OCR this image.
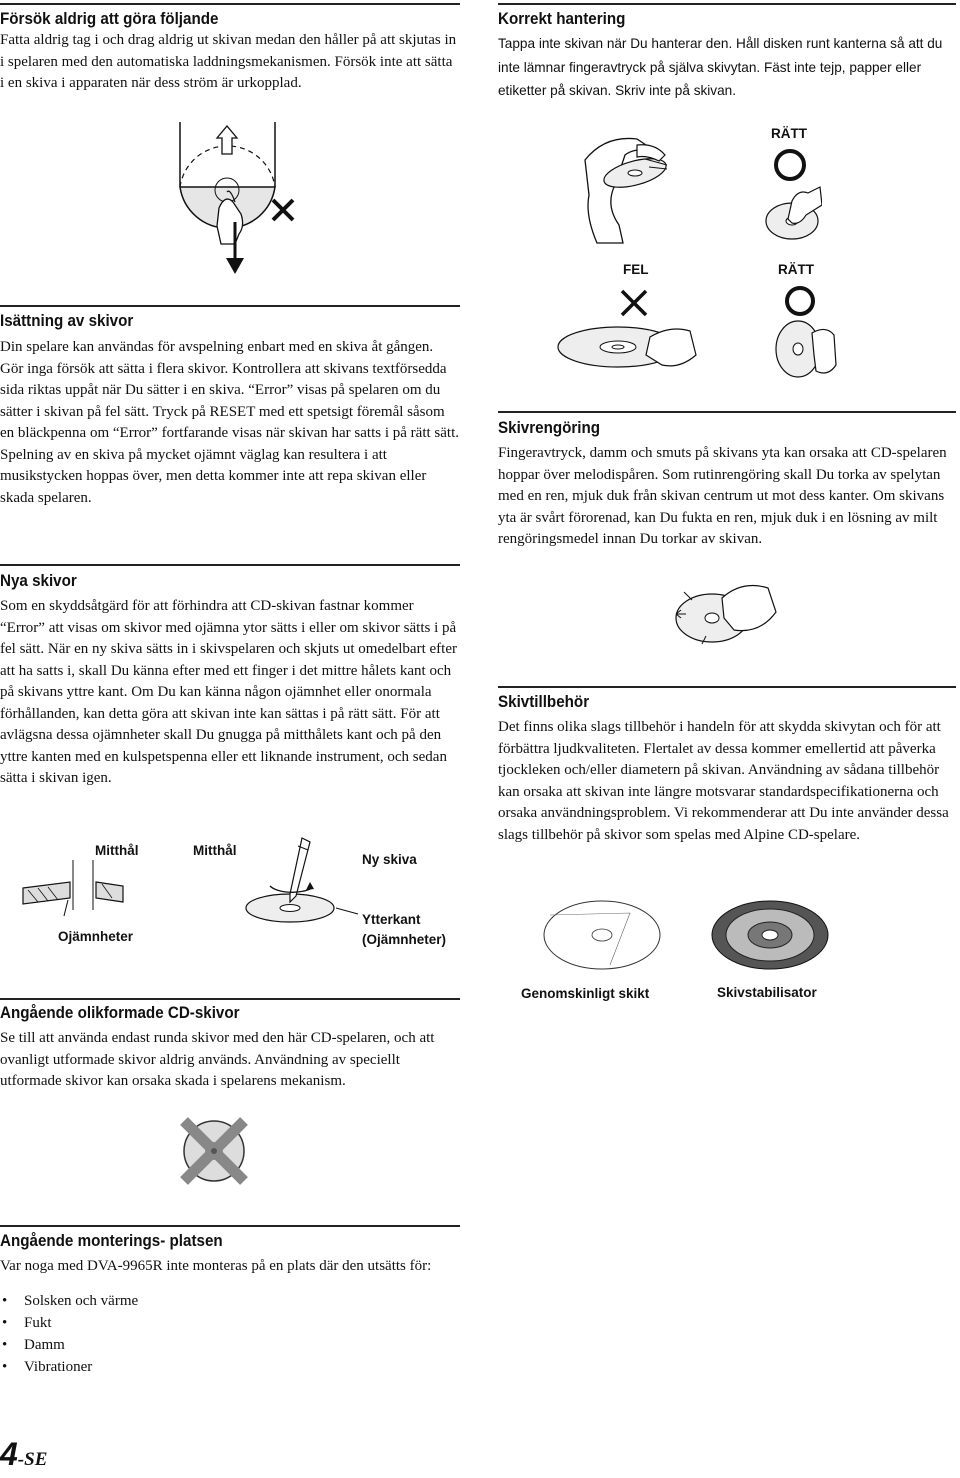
Försök aldrig att göra följande

Fatta aldrig tag i och drag aldrig ut skivan medan den håller på att skjutas in i spelaren med den automatiska laddningsmekanismen. Försök inte att sätta i en skiva i apparaten när dess ström är urkopplad.

Isättning av skivor

Din spelare kan användas för avspelning enbart med en skiva åt gången. Gör inga försök att sätta i flera skivor. Kontrollera att skivans textförsedda sida riktas uppåt när Du sätter i en skiva. “Error” visas på spelaren om du sätter i skivan på fel sätt. Tryck på RESET med ett spetsigt föremål såsom en bläckpenna om “Error” fortfarande visas när skivan har satts i på rätt sätt.

Spelning av en skiva på mycket ojämnt väglag kan resultera i att musikstycken hoppas över, men detta kommer inte att repa skivan eller skada spelaren.

Nya skivor

Som en skyddsåtgärd för att förhindra att CD-skivan fastnar kommer “Error” att visas om skivor med ojämna ytor sätts i eller om skivor sätts i på fel sätt. När en ny skiva sätts in i skivspelaren och skjuts ut omedelbart efter att ha satts i, skall Du känna efter med ett finger i det mittre hålets kant och på skivans yttre kant. Om Du kan känna någon ojämnhet eller onormala förhållanden, kan detta göra att skivan inte kan sättas i på rätt sätt. För att avlägsna dessa ojämnheter skall Du gnugga på mitthålets kant och på den yttre kanten med en kulspetspenna eller ett liknande instrument, och sedan sätta i skivan igen.

Mitthål	Mitthål
Ny skiva
Ojämnheter
Ytterkant
(Ojämnheter)
Angående olikformade CD-skivor

Se till att använda endast runda skivor med den här CD-spelaren, och att ovanligt utformade skivor aldrig används. Användning av speciellt utformade skivor kan orsaka skada i spelarens mekanism.

Angående monterings- platsen

Var noga med DVA-9965R inte monteras på en plats där den utsätts för:

• Solsken och värme
• Fukt
• Damm
• Vibrationer
4-SE
Korrekt hantering

Tappa inte skivan när Du hanterar den. Håll disken runt kanterna så att du inte lämnar fingeravtryck på själva skivytan. Fäst inte tejp, papper eller etiketter på skivan. Skriv inte på skivan.

RÄTT
FEL	RÄTT
Skivrengöring

Fingeravtryck, damm och smuts på skivans yta kan orsaka att CD-spelaren hoppar över melodispåren. Som rutinrengöring skall Du torka av spelytan med en ren, mjuk duk från skivan centrum ut mot dess kanter. Om skivans yta är svårt förorenad, kan Du fukta en ren, mjuk duk i en lösning av milt rengöringsmedel innan Du torkar av skivan.

Skivtillbehör

Det finns olika slags tillbehör i handeln för att skydda skivytan och för att förbättra ljudkvaliteten. Flertalet av dessa kommer emellertid att påverka tjockleken och/eller diametern på skivan. Användning av sådana tillbehör kan orsaka att skivan inte längre motsvarar standardspecifikationerna och orsaka användningsproblem. Vi rekommenderar att Du inte använder dessa slags tillbehör på skivor som spelas med Alpine CD-spelare.

Genomskinligt skikt	Skivstabilisator
